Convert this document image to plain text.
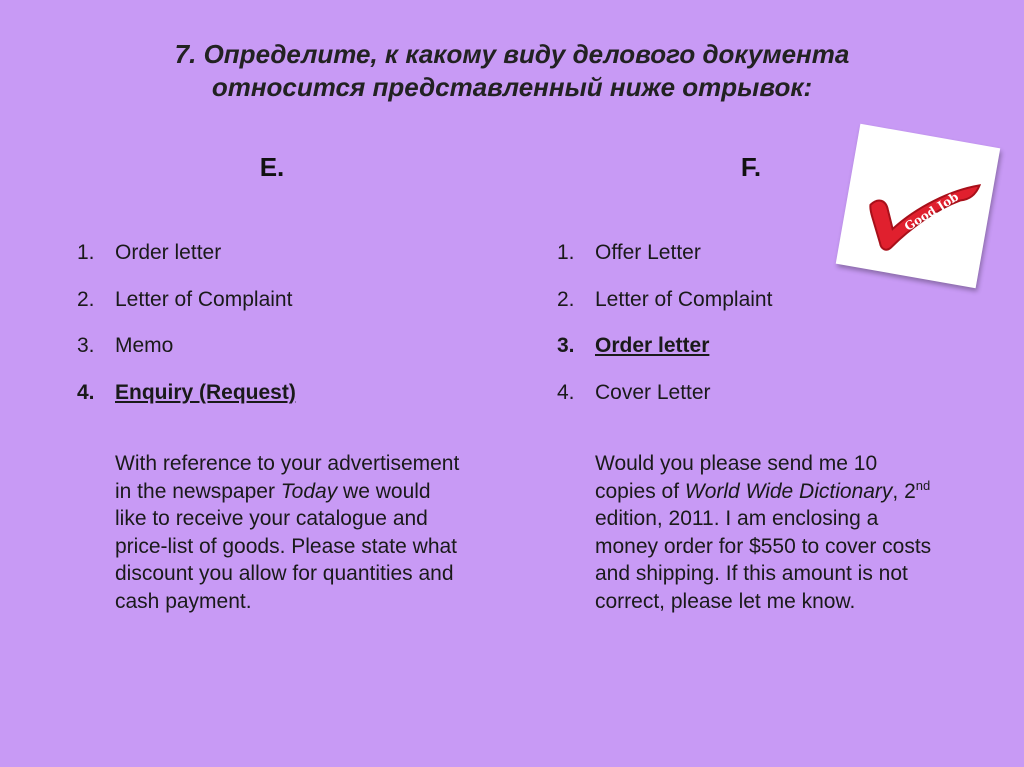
7. Определите, к какому виду делового документа
относится представленный ниже отрывок:
E.	F.
1. Order letter
2. Letter of Complaint
3. Memo
4. Enquiry (Request)
1. Offer Letter
2. Letter of Complaint
3. Order letter
4. Cover Letter

With reference to your advertisement in the newspaper Today we would like to receive your catalogue and price-list of goods. Please state what discount you allow for quantities and cash payment.

Would you please send me 10 copies of World Wide Dictionary, 2nd edition, 2011. I am enclosing a money order for $550 to cover costs and shipping. If this amount is not correct, please let me know.

Good Job
